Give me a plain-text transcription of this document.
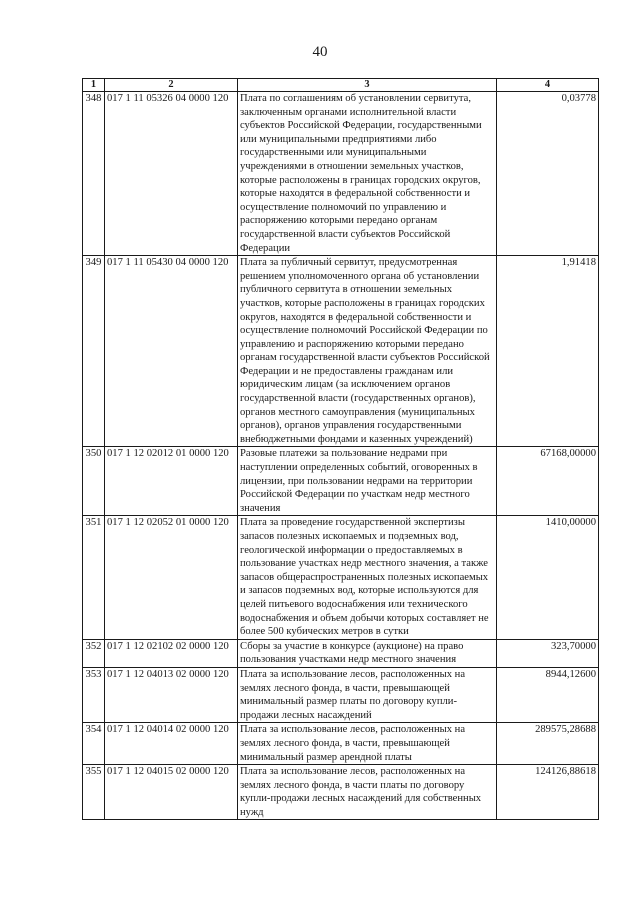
40
1	2	3	4
348	017 1 11 05326 04 0000 120	Плата по соглашениям об установлении сервитута, заключенным органами исполнительной власти субъектов Российской Федерации, государственными или муниципальными предприятиями либо государственными или муниципальными учреждениями в отношении земельных участков, которые расположены в границах городских округов, которые находятся в федеральной собственности и осуществление полномочий по управлению и распоряжению которыми передано органам государственной власти субъектов Российской Федерации	0,03778
349	017 1 11 05430 04 0000 120	Плата за публичный сервитут, предусмотренная решением уполномоченного органа об установлении публичного сервитута в отношении земельных участков, которые расположены в границах городских округов, находятся в федеральной собственности и осуществление полномочий Российской Федерации по управлению и распоряжению которыми передано органам государственной власти субъектов Российской Федерации и не предоставлены гражданам или юридическим лицам (за исключением органов государственной власти (государственных органов), органов местного самоуправления (муниципальных органов), органов управления государственными внебюджетными фондами и казенных учреждений)	1,91418
350	017 1 12 02012 01 0000 120	Разовые платежи за пользование недрами при наступлении определенных событий, оговоренных в лицензии, при пользовании недрами на территории Российской Федерации по участкам недр местного значения	67168,00000
351	017 1 12 02052 01 0000 120	Плата за проведение государственной экспертизы запасов полезных ископаемых и подземных вод, геологической информации о предоставляемых в пользование участках недр местного значения, а также запасов общераспространенных полезных ископаемых и запасов подземных вод, которые используются для целей питьевого водоснабжения или технического водоснабжения и объем добычи которых составляет не более 500 кубических метров в сутки	1410,00000
352	017 1 12 02102 02 0000 120	Сборы за участие в конкурсе (аукционе) на право пользования участками недр местного значения	323,70000
353	017 1 12 04013 02 0000 120	Плата за использование лесов, расположенных на землях лесного фонда, в части, превышающей минимальный размер платы по договору купли-продажи лесных насаждений	8944,12600
354	017 1 12 04014 02 0000 120	Плата за использование лесов, расположенных на землях лесного фонда, в части, превышающей минимальный размер арендной платы	289575,28688
355	017 1 12 04015 02 0000 120	Плата за использование лесов, расположенных на землях лесного фонда, в части платы по договору купли-продажи лесных насаждений для собственных нужд	124126,88618
